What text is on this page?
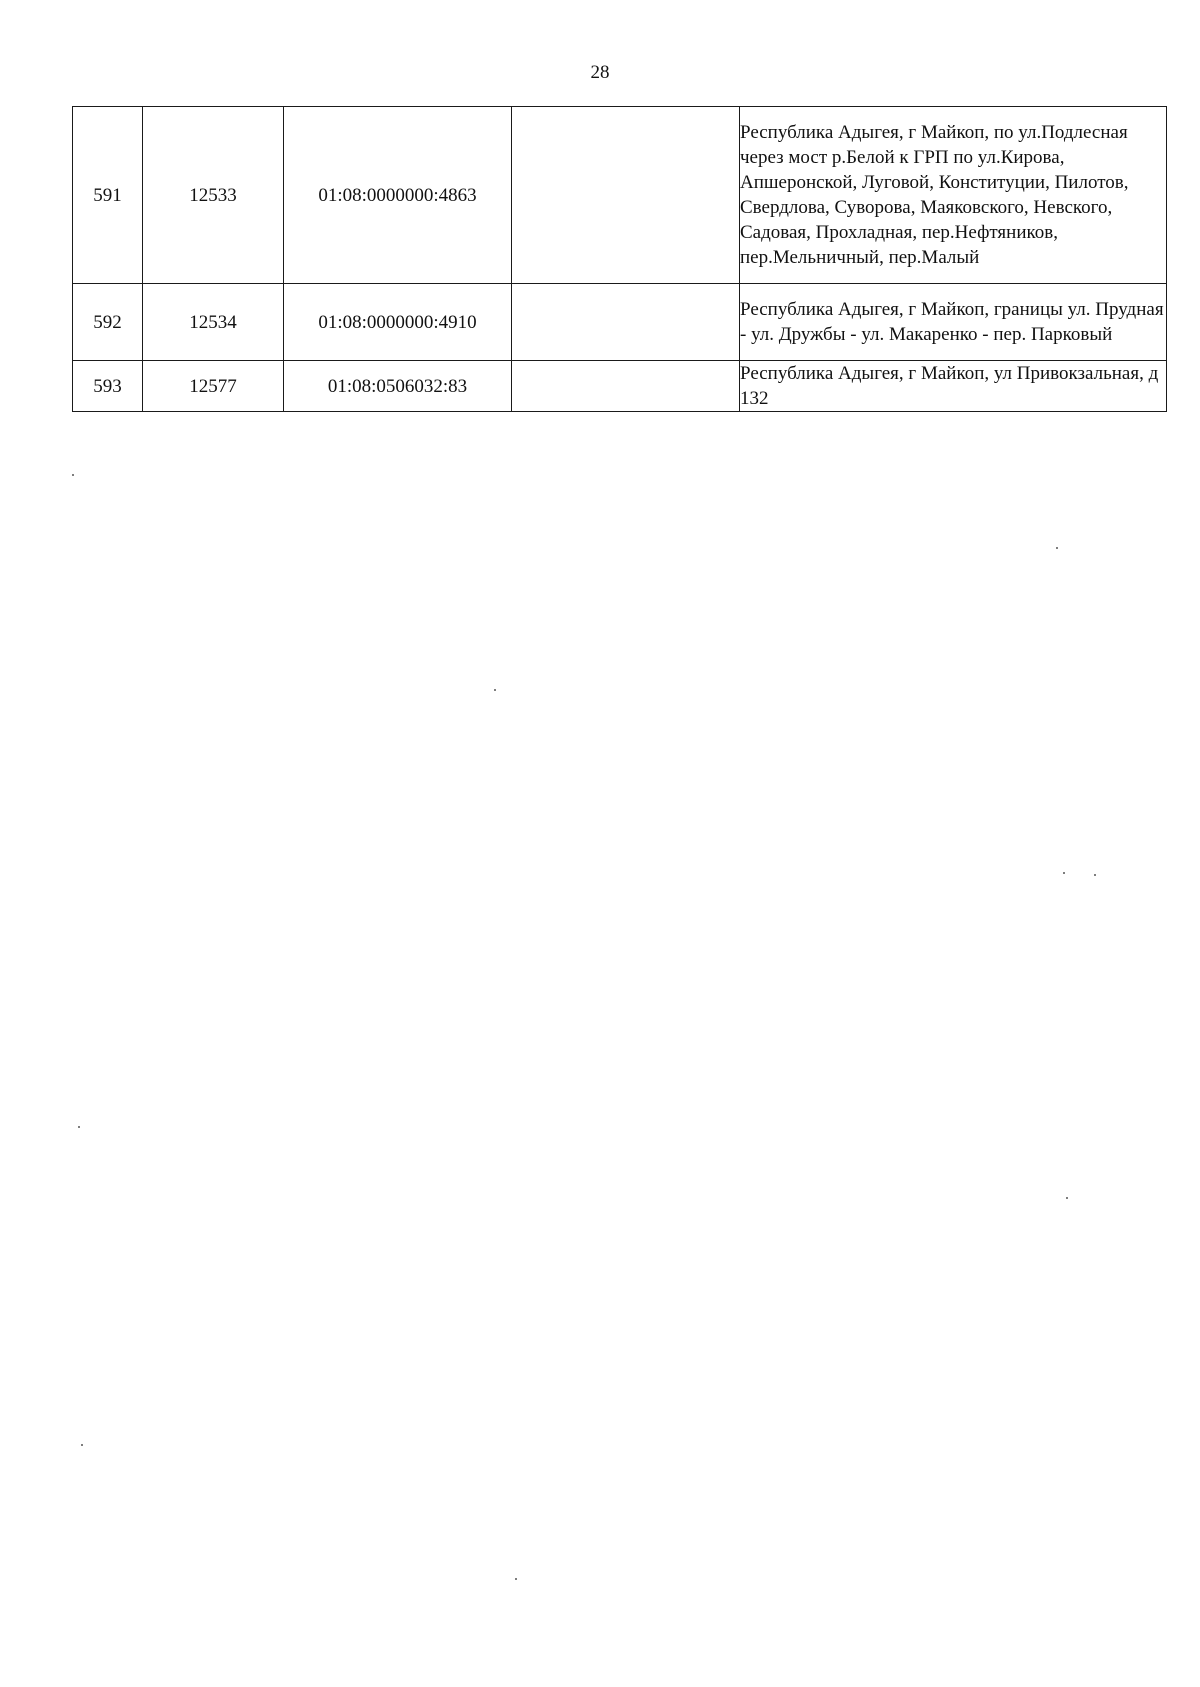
28
591	12533	01:08:0000000:4863		Республика Адыгея, г Майкоп, по ул.Подлесная через мост р.Белой к ГРП по ул.Кирова, Апшеронской, Луговой, Конституции, Пилотов, Свердлова, Суворова, Маяковского, Невского, Садовая, Прохладная, пер.Нефтяников, пер.Мельничный, пер.Малый
592	12534	01:08:0000000:4910		Республика Адыгея, г Майкоп, границы ул. Прудная - ул. Дружбы - ул. Макаренко - пер. Парковый
593	12577	01:08:0506032:83		Республика Адыгея, г Майкоп, ул Привокзальная, д 132
